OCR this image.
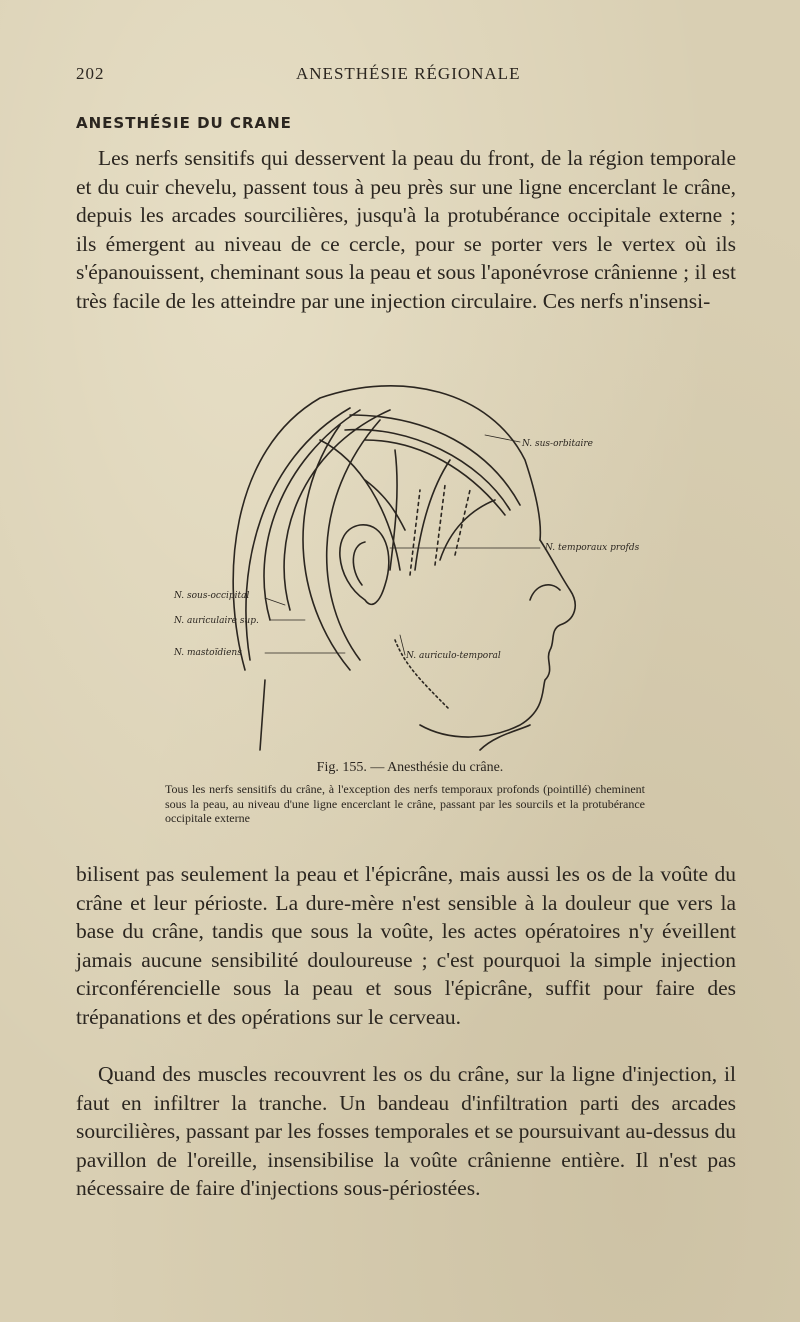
202	ANESTHÉSIE RÉGIONALE
ANESTHÉSIE DU CRANE

Les nerfs sensitifs qui desservent la peau du front, de la région temporale et du cuir chevelu, passent tous à peu près sur une ligne encerclant le crâne, depuis les arcades sourcilières, jusqu'à la protubérance occipitale externe ; ils émergent au niveau de ce cercle, pour se porter vers le vertex où ils s'épanouissent, cheminant sous la peau et sous l'aponévrose crânienne ; il est très facile de les atteindre par une injection circulaire. Ces nerfs n'insensi-

N. sus-orbitaire
N. temporaux profds
N. sous-occipital
N. auriculaire sup.
N. mastoïdiens	N. auriculo-temporal
Fig. 155. — Anesthésie du crâne.
Tous les nerfs sensitifs du crâne, à l'exception des nerfs temporaux profonds (pointillé) cheminent sous la peau, au niveau d'une ligne encerclant le crâne, passant par les sourcils et la protubérance occipitale externe

bilisent pas seulement la peau et l'épicrâne, mais aussi les os de la voûte du crâne et leur périoste. La dure-mère n'est sensible à la douleur que vers la base du crâne, tandis que sous la voûte, les actes opératoires n'y éveillent jamais aucune sensibilité douloureuse ; c'est pourquoi la simple injection circonférencielle sous la peau et sous l'épicrâne, suffit pour faire des trépanations et des opérations sur le cerveau.

Quand des muscles recouvrent les os du crâne, sur la ligne d'injection, il faut en infiltrer la tranche. Un bandeau d'infiltration parti des arcades sourcilières, passant par les fosses temporales et se poursuivant au-dessus du pavillon de l'oreille, insensibilise la voûte crânienne entière. Il n'est pas nécessaire de faire d'injections sous-périostées.
